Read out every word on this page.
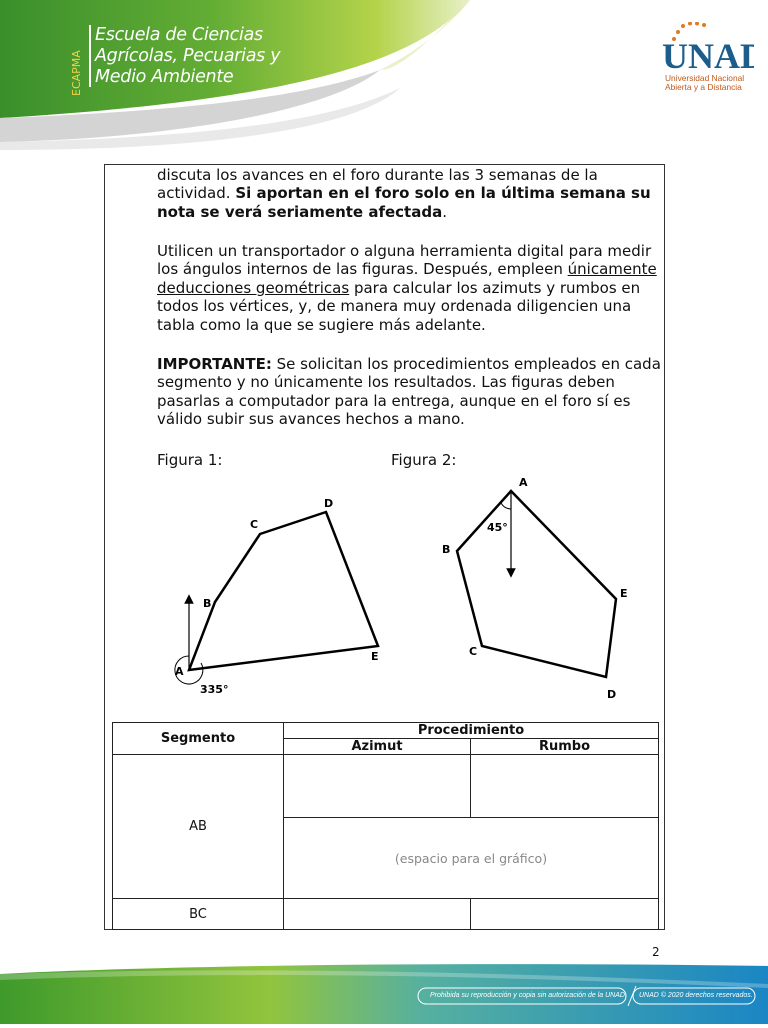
ECAPMA
Escuela de Ciencias
Agrícolas, Pecuarias y
Medio Ambiente
UNAD
Universidad Nacional
Abierta y a Distancia

discuta los avances en el foro durante las 3 semanas de la actividad. Si aportan en el foro solo en la última semana su nota se verá seriamente afectada.

Utilicen un transportador o alguna herramienta digital para medir los ángulos internos de las figuras. Después, empleen únicamente deducciones geométricas para calcular los azimuts y rumbos en todos los vértices, y, de manera muy ordenada diligencien una tabla como la que se sugiere más adelante.

IMPORTANTE: Se solicitan los procedimientos empleados en cada segmento y no únicamente los resultados. Las figuras deben pasarlas a computador para la entrega, aunque en el foro sí es válido subir sus avances hechos a mano.

Figura 1:	Figura 2:
A
B
C
D
E
335°
A
B
C
D
E
45°
Segmento	Procedimiento	
	Azimut	Rumbo
AB		
	(espacio para el gráfico)	
BC		
2
Prohibida su reproducción y copia sin autorización de la UNAD. UNAD © 2020 derechos reservados.
